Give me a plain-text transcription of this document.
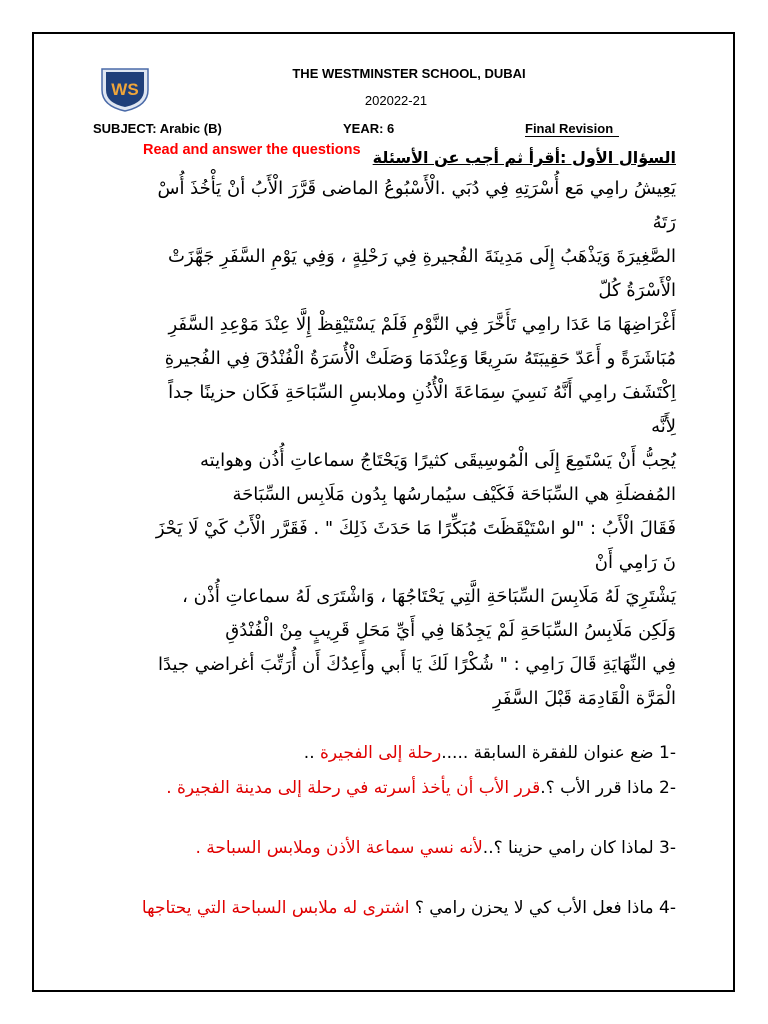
WS
THE WESTMINSTER SCHOOL, DUBAI
202022-21
SUBJECT: Arabic (B)	YEAR: 6	Final Revision
السؤال الأول :أقرأ ثم أجب عن الأسئلة
Read and answer the questions

يَعِيشُ رامِي مَع أُسْرَتِهِ فِي دُبَي .الْأَسْبُوعُ الماضى قَرَّرَ الْأَبُ أنْ يَأْخُذَ أُسْ

رَتَهُ

الصَّغِيرَةَ وَيَذْهَبُ إِلَى مَدِينَةَ الفُجيرةِ فِي رَحْلِةٍ ، وَفِي يَوْمِ السَّفَرِ جَهَّزَتْ

الْأَسْرَةُ كُلّ

أَغْرَاضِهَا مَا عَدَا رامِي تَأَخَّرَ فِي النَّوْمِ فَلَمْ يَسْتَيْقِظْ إِلَّا عِنْدَ مَوْعِدِ السَّفَرِ

مُبَاشَرَةً و أَعَدّ حَقِيبَتَهُ سَرِيعًا وَعِنْدَمَا وَصَلَتْ الْأُسَرَةُ الْفُنْدُقَ فِي الفُجيرةِ

اِكْتَشَفَ رامِي أَنَّهُ نَسِيَ سِمَاعَةَ الْأُذُنِ وملابسِ السِّبَاحَةِ فَكَان حزينًا جداً

لِأَنَّه

يُحِبُّ أَنْ يَسْتَمِعَ إِلَى الْمُوسِيقَى كثيرًا وَيَحْتَاجُ سماعاتِ أُذُن وهوايته

المُفضلَةِ هي السِّبَاحَة فَكَيْف سيُمارسُها بِدُون مَلَابِس السِّبَاحَة

فَقَالَ الْأَبُ : "لو اسْتَيْقَظَتَ مُبَكِّرًا مَا حَدَثَ ذَلِكَ " . فَقَرَّر الْأَبُ كَيْ لَا يَحْزَ

نَ رَامِي أَنْ

يَشْتَرِيَ لَهُ مَلَابِسَ السِّبَاحَةِ الَّتِي يَحْتَاجُهَا ، وَاشْتَرَى لَهُ سماعاتِ أُذْن ،

وَلَكِن مَلَابِسُ السِّبَاحَةِ لَمْ يَجِدُهَا فِي أَيِّ مَحَلٍ قَرِيبٍ مِنْ الْفُنْدُقِ

فِي النِّهَايَةِ قَالَ رَامِي : " شُكْرًا لَكَ يَا أَبي وأَعِدُكَ أَن أُرَتِّبَ أغراضي جيدًا

الْمَرَّة الْقَادِمَة قَبْلَ السَّفَرِ

-1 ضع عنوان للفقرة السابقة .....رحلة إلى الفجيرة ..
-2 ماذا قرر الأب ؟.قرر الأب أن يأخذ أسرته في رحلة إلى مدينة الفجيرة .
-3 لماذا كان رامي حزينا ؟..لأنه نسي سماعة الأذن وملابس السباحة .
-4 ماذا فعل الأب كي لا يحزن رامي ؟ اشترى له ملابس السباحة التي يحتاجها
